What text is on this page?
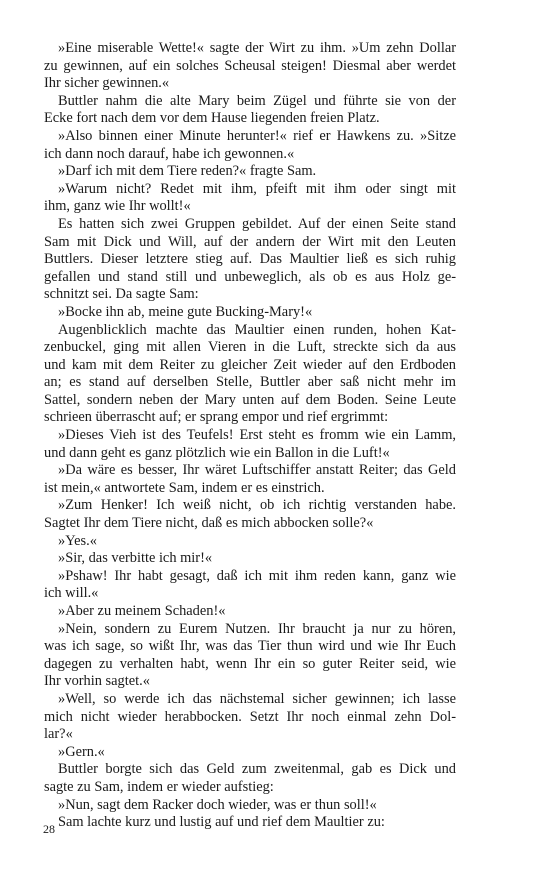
»Eine miserable Wette!« sagte der Wirt zu ihm. »Um zehn Dollar
zu gewinnen, auf ein solches Scheusal steigen! Diesmal aber werdet
Ihr sicher gewinnen.«
Buttler nahm die alte Mary beim Zügel und führte sie von der
Ecke fort nach dem vor dem Hause liegenden freien Platz.
»Also binnen einer Minute herunter!« rief er Hawkens zu. »Sitze
ich dann noch darauf, habe ich gewonnen.«
»Darf ich mit dem Tiere reden?« fragte Sam.
»Warum nicht? Redet mit ihm, pfeift mit ihm oder singt mit
ihm, ganz wie Ihr wollt!«
Es hatten sich zwei Gruppen gebildet. Auf der einen Seite stand
Sam mit Dick und Will, auf der andern der Wirt mit den Leuten
Buttlers. Dieser letztere stieg auf. Das Maultier ließ es sich ruhig
gefallen und stand still und unbeweglich, als ob es aus Holz ge-
schnitzt sei. Da sagte Sam:
»Bocke ihn ab, meine gute Bucking-Mary!«
Augenblicklich machte das Maultier einen runden, hohen Kat-
zenbuckel, ging mit allen Vieren in die Luft, streckte sich da aus
und kam mit dem Reiter zu gleicher Zeit wieder auf den Erdboden
an; es stand auf derselben Stelle, Buttler aber saß nicht mehr im
Sattel, sondern neben der Mary unten auf dem Boden. Seine Leute
schrieen überrascht auf; er sprang empor und rief ergrimmt:
»Dieses Vieh ist des Teufels! Erst steht es fromm wie ein Lamm,
und dann geht es ganz plötzlich wie ein Ballon in die Luft!«
»Da wäre es besser, Ihr wäret Luftschiffer anstatt Reiter; das Geld
ist mein,« antwortete Sam, indem er es einstrich.
»Zum Henker! Ich weiß nicht, ob ich richtig verstanden habe.
Sagtet Ihr dem Tiere nicht, daß es mich abbocken solle?«
»Yes.«
»Sir, das verbitte ich mir!«
»Pshaw! Ihr habt gesagt, daß ich mit ihm reden kann, ganz wie
ich will.«
»Aber zu meinem Schaden!«
»Nein, sondern zu Eurem Nutzen. Ihr braucht ja nur zu hören,
was ich sage, so wißt Ihr, was das Tier thun wird und wie Ihr Euch
dagegen zu verhalten habt, wenn Ihr ein so guter Reiter seid, wie
Ihr vorhin sagtet.«
»Well, so werde ich das nächstemal sicher gewinnen; ich lasse
mich nicht wieder herabbocken. Setzt Ihr noch einmal zehn Dol-
lar?«
»Gern.«
Buttler borgte sich das Geld zum zweitenmal, gab es Dick und
sagte zu Sam, indem er wieder aufstieg:
»Nun, sagt dem Racker doch wieder, was er thun soll!«
Sam lachte kurz und lustig auf und rief dem Maultier zu:
28
